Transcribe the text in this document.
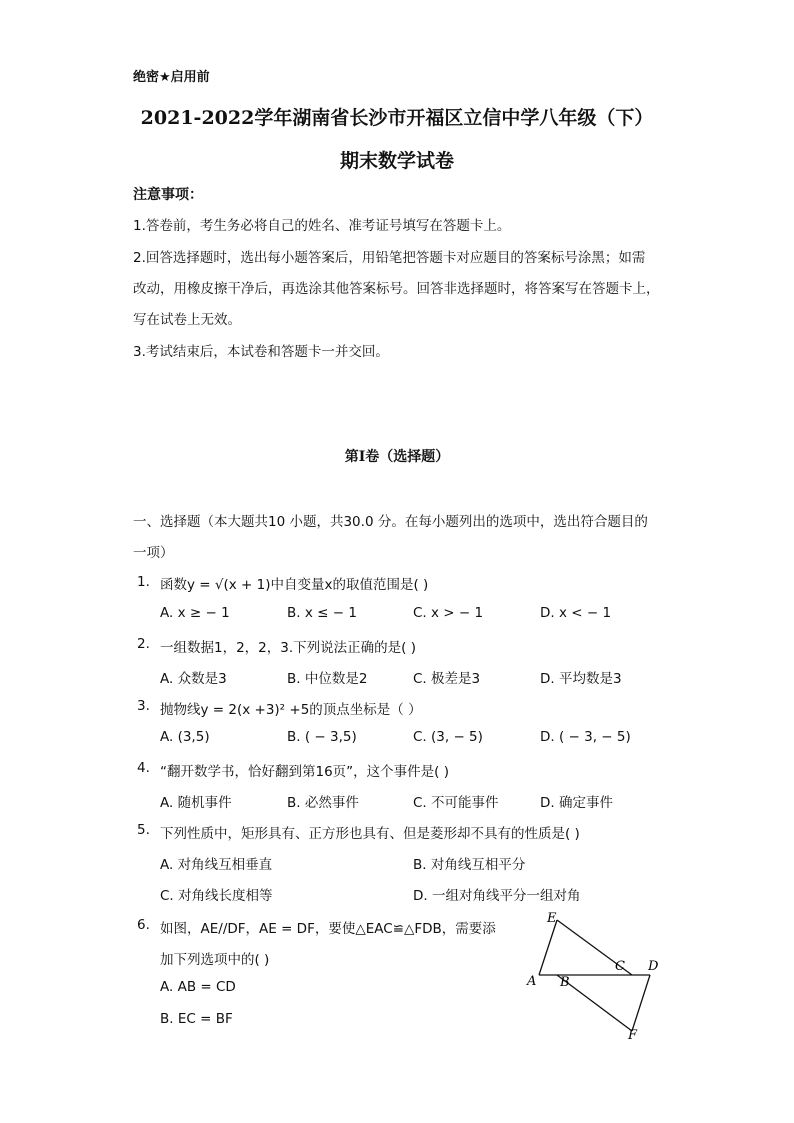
绝密★启用前
2021-2022学年湖南省长沙市开福区立信中学八年级（下）
期末数学试卷
注意事项：
1.答卷前，考生务必将自己的姓名、准考证号填写在答题卡上。
2.回答选择题时，选出每小题答案后，用铅笔把答题卡对应题目的答案标号涂黑；如需
改动，用橡皮擦干净后，再选涂其他答案标号。回答非选择题时，将答案写在答题卡上，
写在试卷上无效。
3.考试结束后，本试卷和答题卡一并交回。
第Ⅰ卷（选择题）
一、选择题（本大题共10 小题，共30.0 分。在每小题列出的选项中，选出符合题目的
一项）
1. 函数y = √(x + 1)中自变量x的取值范围是( )
A. x ≥ − 1	B. x ≤ − 1	C. x > − 1	D. x < − 1
2. 一组数据1，2，2，3.下列说法正确的是( )
A. 众数是3	B. 中位数是2	C. 极差是3	D. 平均数是3
3. 抛物线y = 2(x +3)² +5的顶点坐标是（ ）
A. (3,5)	B. ( − 3,5)	C. (3, − 5)	D. ( − 3, − 5)
4. “翻开数学书，恰好翻到第16页”，这个事件是( )
A. 随机事件	B. 必然事件	C. 不可能事件	D. 确定事件
5. 下列性质中，矩形具有、正方形也具有、但是菱形却不具有的性质是( )
A. 对角线互相垂直	B. 对角线互相平分
C. 对角线长度相等	D. 一组对角线平分一组对角
6. 如图，AE//DF，AE = DF，要使△EAC≌△FDB，需要添
加下列选项中的( )
A. AB = CD
B. EC = BF
E
A B
C D
F
